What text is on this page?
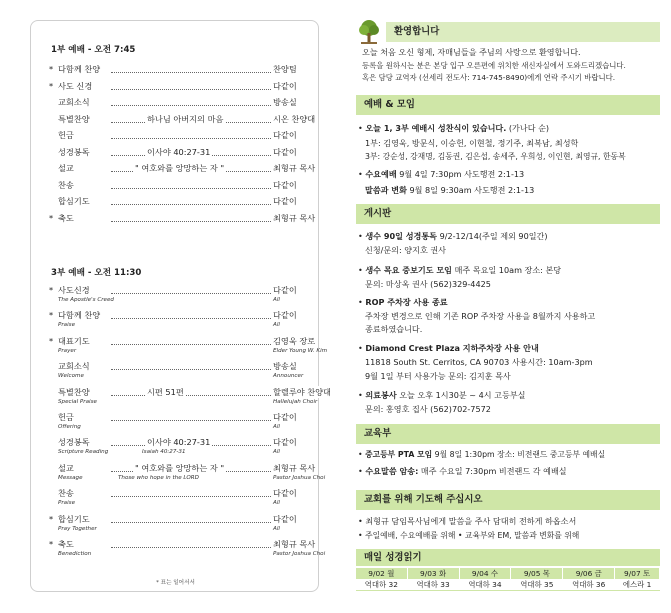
1부 예배 - 오전 7:45
* 다함께 찬양	찬양팀
* 사도 신경	다같이
교회소식	방송실
특별찬양	하나님 아버지의 마음	시온 찬양대
헌금	다같이
성경봉독	이사야 40:27-31	다같이
설교	" 여호와를 앙망하는 자 "	최형규 목사
찬송	다같이
합심기도	다같이
* 축도	최형규 목사
3부 예배 - 오전 11:30
* 사도신경	다같이
The Apostle's Creed	All
* 다함께 찬양	다같이
Praise	All
* 대표기도	김영욱 장로
Prayer	Elder Young W. Kim
교회소식	방송실
Welcome	Announcer
특별찬양	시편 51편	할렐루야 찬양대
Special Praise	Hallelujah Choir
헌금	다같이
Offering	All
성경봉독	이사야 40:27-31	다같이
Scripture Reading	Isaiah 40:27-31	All
설교	" 여호와를 앙망하는 자 "	최형규 목사
Message	Those who hope in the LORD	Pastor Joshua Choi
찬송	다같이
Praise	All
* 합심기도	다같이
Pray Together	All
* 축도	최형규 목사
Benediction	Pastor Joshua Choi
* 표는 일어서서
환영합니다
오늘 처음 오신 형제, 자매님들을 주님의 사랑으로 환영합니다.
등록을 원하시는 분은 본당 입구 오른편에 위치한 새신자실에서 도와드리겠습니다.
혹은 담당 교역자 (선세리 전도사: 714-745-8490)에게 연락 주시기 바랍니다.
예배 & 모임
• 오늘 1, 3부 예배시 성찬식이 있습니다. (가나다 순)
1부: 김영욱, 방문식, 이승헌, 이현철, 정기주, 최복남, 최성학
3부: 강순성, 강재명, 김동권, 김은섭, 송세주, 우희성, 이인현, 최영규, 한동복
• 수요예배 9월 4일 7:30pm 사도행전 2:1-13
말씀과 변화 9월 8일 9:30am 사도행전 2:1-13
게시판
• 생수 90일 성경통독 9/2-12/14(주일 제외 90일간)
신청/문의: 양지호 권사
• 생수 목요 중보기도 모임 매주 목요일 10am 장소: 본당
문의: 마상옥 권사 (562)329-4425
• ROP 주차장 사용 종료
주차장 변경으로 인해 기존 ROP 주차장 사용을 8월까지 사용하고
종료하였습니다.
• Diamond Crest Plaza 지하주차장 사용 안내
11818 South St. Cerritos, CA 90703 사용시간: 10am-3pm
9월 1일 부터 사용가능 문의: 김지훈 목사
• 의료봉사 오늘 오후 1시30분 ~ 4시 고등부실
문의: 홍영호 집사 (562)702-7572
교육부
• 중고등부 PTA 모임 9월 8일 1:30pm 장소: 비전랜드 중고등부 예배실
• 수요말씀 암송: 매주 수요일 7:30pm 비전랜드 각 예배실
교회를 위해 기도해 주십시오
• 최형규 담임목사님에게 말씀을 주사 담대히 전하게 하옵소서
• 주일예배, 수요예배를 위해 • 교육부와 EM, 말씀과 변화를 위해
매일 성경읽기
9/02 월	9/03 화	9/04 수	9/05 목	9/06 금	9/07 토
역대하 32	역대하 33	역대하 34	역대하 35	역대하 36	에스라 1
